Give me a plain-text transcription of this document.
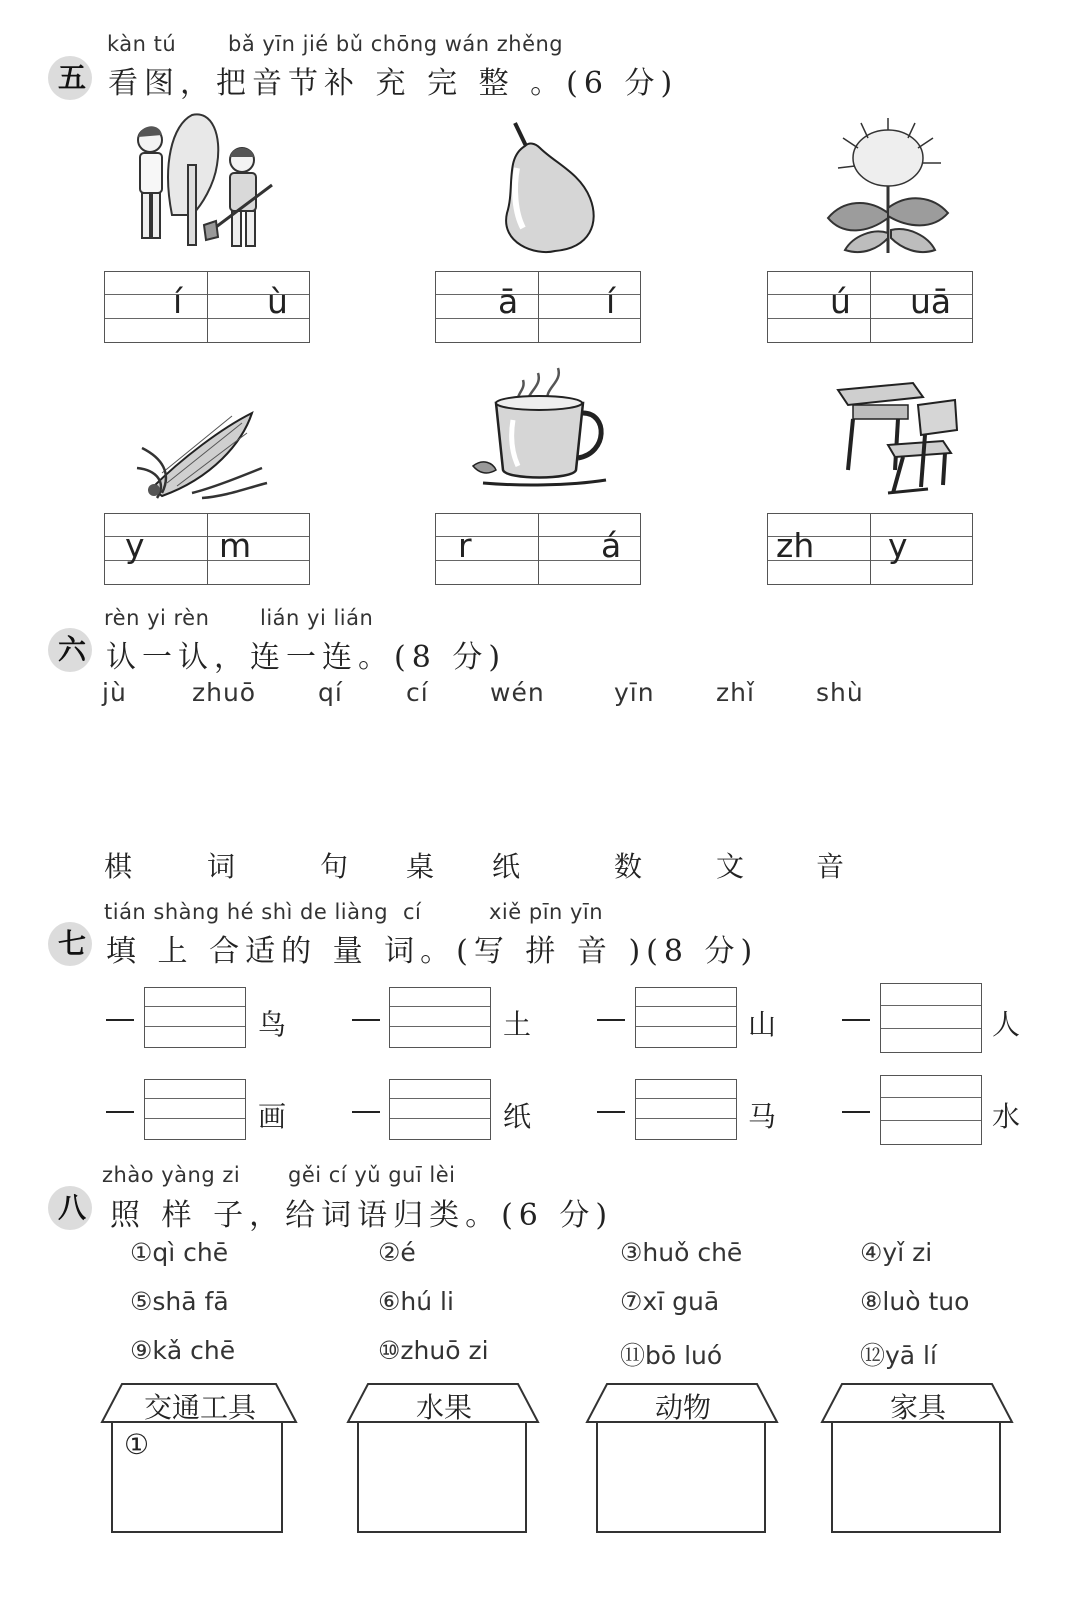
kàn tú bǎ yīn jié bǔ chōng wán zhěng
五 看图，把音节补 充 完 整 。(6 分)
í	ù	ā	í	ú uā
y m	r	á	zh y
rèn yi rèn lián yi lián
六 认一认，连一连。(8 分)
jù	zhuō qí	cí wén	yīn zhǐ shù
棋	词	句 桌 纸	数	文	音
tián shàng hé shì de liàng cí	xiě pīn yīn
七 填 上 合适的 量 词。(写 拼 音 )(8 分)
鸟	土	山	人
画	纸	马	水
zhào yàng zi gěi cí yǔ guī lèi
八 照 样 子，给词语归类。(6 分)
①qì chē	②é	③huǒ chē	④yǐ zi
⑤shā fā	⑥hú li	⑦xī guā	⑧luò tuo
⑨kǎ chē	⑩zhuō zi	⑪bō luó	⑫yā lí
交通工具
①
水果	动物	家具
